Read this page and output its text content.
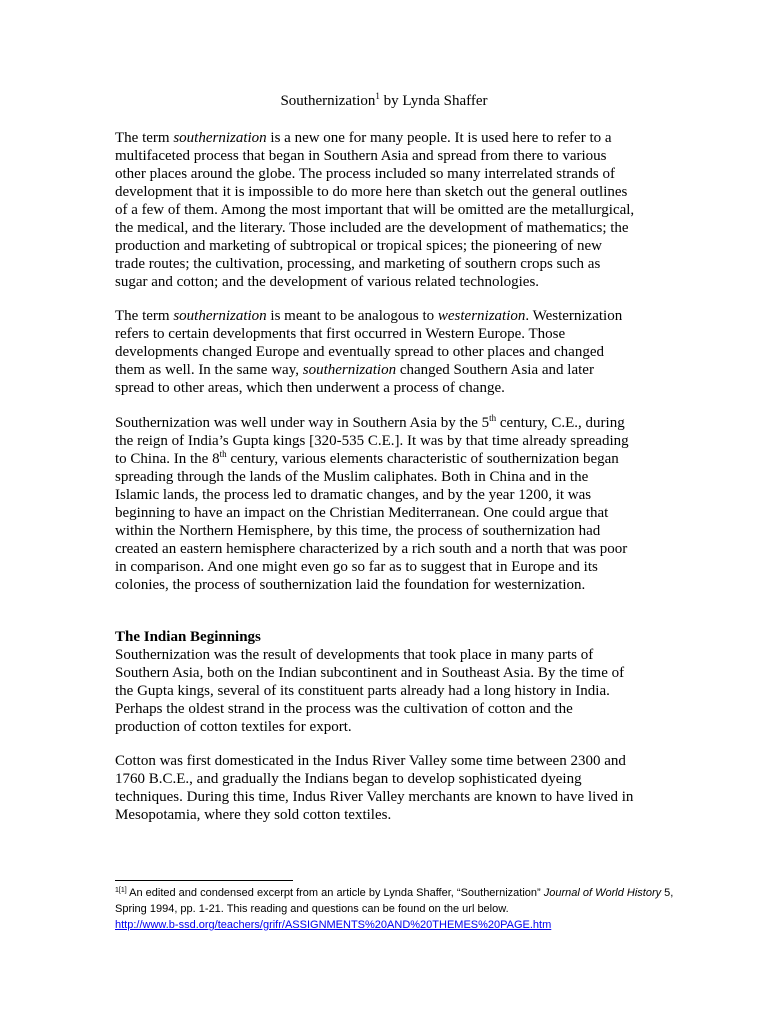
Southernization$^1$ by Lynda Shaffer

The term southernization is a new one for many people. It is used here to refer to a multifaceted process that began in Southern Asia and spread from there to various other places around the globe. The process included so many interrelated strands of development that it is impossible to do more here than sketch out the general outlines of a few of them. Among the most important that will be omitted are the metallurgical, the medical, and the literary. Those included are the development of mathematics; the production and marketing of subtropical or tropical spices; the pioneering of new trade routes; the cultivation, processing, and marketing of southern crops such as sugar and cotton; and the development of various related technologies.

The term southernization is meant to be analogous to westernization. Westernization refers to certain developments that first occurred in Western Europe. Those developments changed Europe and eventually spread to other places and changed them as well. In the same way, southernization changed Southern Asia and later spread to other areas, which then underwent a process of change.

Southernization was well under way in Southern Asia by the 5th century, C.E., during the reign of India’s Gupta kings [320-535 C.E.]. It was by that time already spreading to China. In the 8th century, various elements characteristic of southernization began spreading through the lands of the Muslim caliphates. Both in China and in the Islamic lands, the process led to dramatic changes, and by the year 1200, it was beginning to have an impact on the Christian Mediterranean. One could argue that within the Northern Hemisphere, by this time, the process of southernization had created an eastern hemisphere characterized by a rich south and a north that was poor in comparison. And one might even go so far as to suggest that in Europe and its colonies, the process of southernization laid the foundation for westernization.

The Indian Beginnings
Southernization was the result of developments that took place in many parts of Southern Asia, both on the Indian subcontinent and in Southeast Asia. By the time of the Gupta kings, several of its constituent parts already had a long history in India. Perhaps the oldest strand in the process was the cultivation of cotton and the production of cotton textiles for export.

Cotton was first domesticated in the Indus River Valley some time between 2300 and 1760 B.C.E., and gradually the Indians began to develop sophisticated dyeing techniques. During this time, Indus River Valley merchants are known to have lived in Mesopotamia, where they sold cotton textiles.

$^{1[1]}$ An edited and condensed excerpt from an article by Lynda Shaffer, “Southernization” Journal of World History 5, Spring 1994, pp. 1-21. This reading and questions can be found on the url below.
http://www.b-ssd.org/teachers/grifr/ASSIGNMENTS%20AND%20THEMES%20PAGE.htm
